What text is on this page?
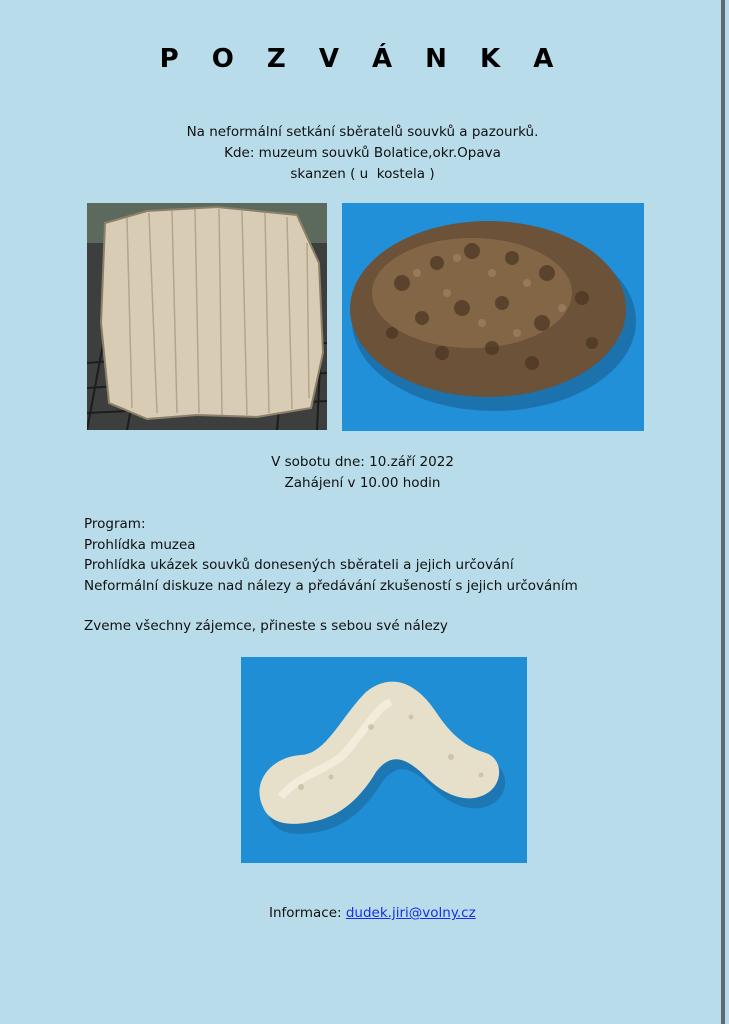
P O Z V Á N K A
Na neformální setkání sběratelů souvků a pazourků.
Kde: muzeum souvků Bolatice,okr.Opava
skanzen ( u  kostela )
V sobotu dne: 10.září 2022
Zahájení v 10.00 hodin
Program:
Prohlídka muzea
Prohlídka ukázek souvků donesených sběrateli a jejich určování
Neformální diskuze nad nálezy a předávání zkušeností s jejich určováním
Zveme všechny zájemce, přineste s sebou své nálezy
Informace: dudek.jiri@volny.cz
